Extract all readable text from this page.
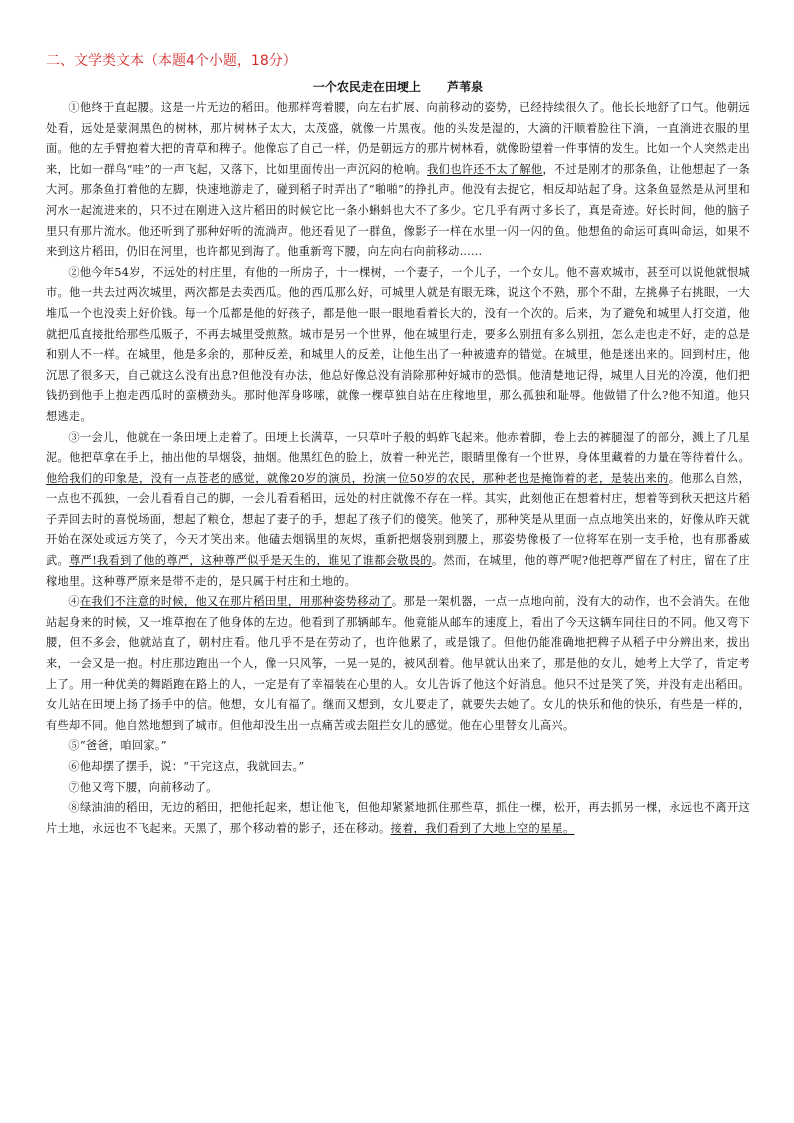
二、文学类文本（本题4个小题，18分）
一个农民走在田埂上 芦苇泉

①他终于直起腰。这是一片无边的稻田。他那样弯着腰，向左右扩展、向前移动的姿势，已经持续很久了。他长长地舒了口气。他朝远处看，远处是蒙洞黑色的树林，那片树林子太大，太茂盛，就像一片黑夜。他的头发是湿的，大滴的汗顺着脸往下淌，一直淌进衣服的里面。他的左手臂抱着大把的青草和稗子。他像忘了自己一样，仍是朝远方的那片树林看，就像盼望着一件事情的发生。比如一个人突然走出来，比如一群鸟“哇”的一声飞起，又落下，比如里面传出一声沉闷的枪响。我们也许还不太了解他，不过是刚才的那条鱼，让他想起了一条大河。那条鱼打着他的左脚，快速地游走了，碰到稻子时弄出了“啪啪”的挣扎声。他没有去捉它，相反却站起了身。这条鱼显然是从河里和河水一起流进来的，只不过在刚进入这片稻田的时候它比一条小蝌蚪也大不了多少。它几乎有两寸多长了，真是奇迹。好长时间，他的脑子里只有那片流水。他还听到了那种好听的流淌声。他还看见了一群鱼，像影子一样在水里一闪一闪的鱼。他想鱼的命运可真叫命运，如果不来到这片稻田，仍旧在河里，也许都见到海了。他重新弯下腰，向左向右向前移动……

②他今年54岁，不远处的村庄里，有他的一所房子，十一棵树，一个妻子，一个儿子，一个女儿。他不喜欢城市，甚至可以说他就恨城市。他一共去过两次城里，两次都是去卖西瓜。他的西瓜那么好，可城里人就是有眼无珠，说这个不熟，那个不甜，左挑鼻子右挑眼，一大堆瓜一个也没卖上好价钱。每一个瓜都是他的好孩子，都是他一眼一眼地看着长大的，没有一个次的。后来，为了避免和城里人打交道，他就把瓜直接批给那些瓜贩子，不再去城里受煎熬。城市是另一个世界，他在城里行走，要多么别扭有多么别扭，怎么走也走不好，走的总是和别人不一样。在城里，他是多余的，那种反差，和城里人的反差，让他生出了一种被遗弃的错觉。在城里，他是迷出来的。回到村庄，他沉思了很多天，自己就这么没有出息?但他没有办法，他总好像总没有消除那种好城市的恐惧。他清楚地记得，城里人目光的冷漠，他们把钱扔到他手上抱走西瓜时的蛮横劲头。那时他浑身哆嗦，就像一棵草独自站在庄稼地里，那么孤独和耻辱。他做错了什么?他不知道。他只想逃走。

③一会儿，他就在一条田埂上走着了。田埂上长满草，一只草叶子般的蚂蚱飞起来。他赤着脚，卷上去的裤腿湿了的部分，溅上了几星泥。他把草拿在手上，抽出他的旱烟袋，抽烟。他黑红色的脸上，放着一种光芒，眼睛里像有一个世界，身体里藏着的力量在等待着什么。他给我们的印象是，没有一点苍老的感觉，就像20岁的演员，扮演一位50岁的农民，那种老也是掩饰着的老，是装出来的。他那么自然，一点也不孤独，一会儿看看自己的脚，一会儿看看稻田，远处的村庄就像不存在一样。其实，此刻他正在想着村庄，想着等到秋天把这片稻子弄回去时的喜悦场面，想起了粮仓，想起了妻子的手，想起了孩子们的傻笑。他笑了，那种笑是从里面一点点地笑出来的，好像从昨天就开始在深处或远方笑了，今天才笑出来。他磕去烟锅里的灰烬，重新把烟袋别到腰上，那姿势像极了一位将军在别一支手枪，也有那番威武。尊严!我看到了他的尊严，这种尊严似乎是天生的，谁见了谁都会敬畏的。然而，在城里，他的尊严呢?他把尊严留在了村庄，留在了庄稼地里。这种尊严原来是带不走的，是只属于村庄和土地的。

④在我们不注意的时候，他又在那片稻田里，用那种姿势移动了。那是一架机器，一点一点地向前，没有大的动作，也不会消失。在他站起身来的时候，又一堆草抱在了他身体的左边。他看到了那辆邮车。他竟能从邮车的速度上，看出了今天这辆车同往日的不同。他又弯下腰，但不多会，他就站直了，朝村庄看。他几乎不是在劳动了，也许他累了，或是饿了。但他仍能准确地把稗子从稻子中分辨出来，拔出来，一会又是一抱。村庄那边跑出一个人，像一只风筝，一晃一晃的，被风刮着。他早就认出来了，那是他的女儿，她考上大学了，肯定考上了。用一种优美的舞蹈跑在路上的人，一定是有了幸福装在心里的人。女儿告诉了他这个好消息。他只不过是笑了笑，并没有走出稻田。女儿站在田埂上扬了扬手中的信。他想，女儿有福了。继而又想到，女儿要走了，就要失去她了。女儿的快乐和他的快乐，有些是一样的，有些却不同。他自然地想到了城市。但他却没生出一点痛苦或去阻拦女儿的感觉。他在心里替女儿高兴。

⑤“爸爸，咱回家。”

⑥他却摆了摆手，说：“干完这点，我就回去。”

⑦他又弯下腰，向前移动了。

⑧绿油油的稻田，无边的稻田，把他托起来，想让他飞，但他却紧紧地抓住那些草，抓住一棵，松开，再去抓另一棵，永远也不离开这片土地，永远也不飞起来。天黑了，那个移动着的影子，还在移动。接着，我们看到了大地上空的星星。
